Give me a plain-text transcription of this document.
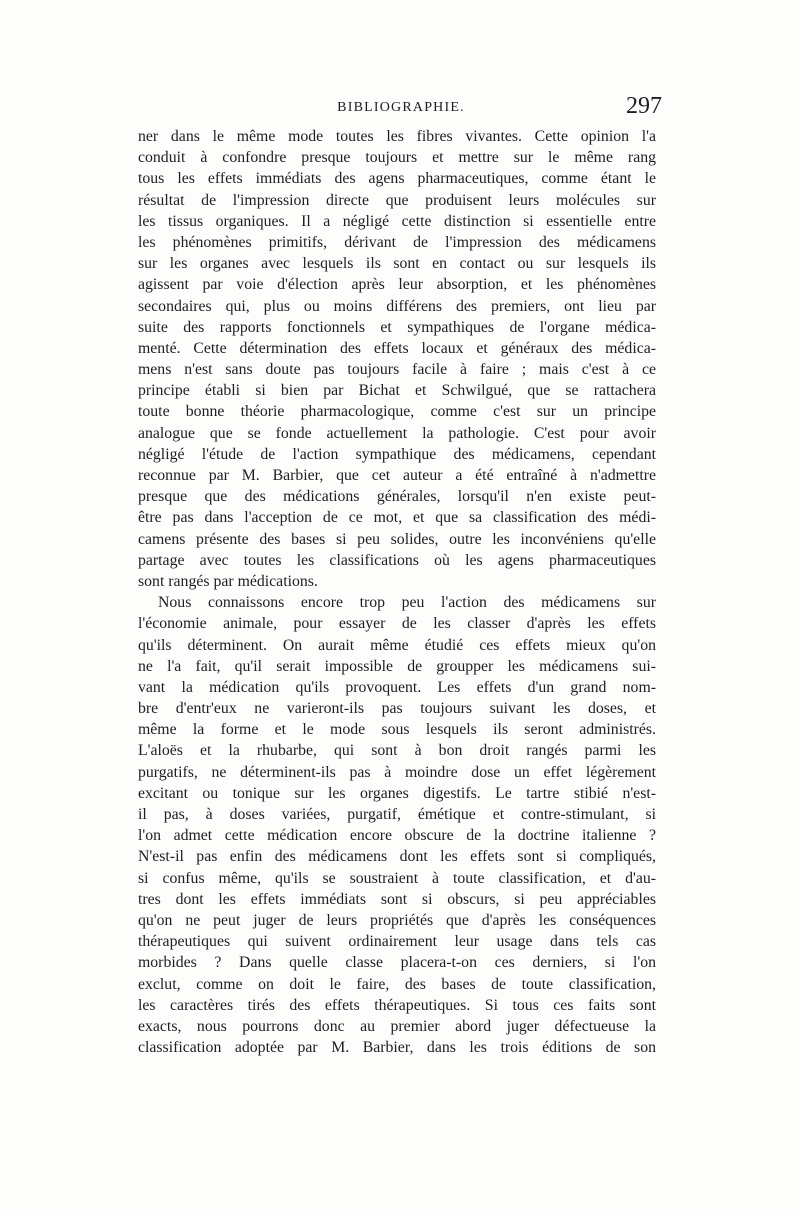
BIBLIOGRAPHIE.	297
ner dans le même mode toutes les fibres vivantes. Cette opinion l'a
conduit à confondre presque toujours et mettre sur le même rang
tous les effets immédiats des agens pharmaceutiques, comme étant le
résultat de l'impression directe que produisent leurs molécules sur
les tissus organiques. Il a négligé cette distinction si essentielle entre
les phénomènes primitifs, dérivant de l'impression des médicamens
sur les organes avec lesquels ils sont en contact ou sur lesquels ils
agissent par voie d'élection après leur absorption, et les phénomènes
secondaires qui, plus ou moins différens des premiers, ont lieu par
suite des rapports fonctionnels et sympathiques de l'organe médica-
menté. Cette détermination des effets locaux et généraux des médica-
mens n'est sans doute pas toujours facile à faire ; mais c'est à ce
principe établi si bien par Bichat et Schwilgué, que se rattachera
toute bonne théorie pharmacologique, comme c'est sur un principe
analogue que se fonde actuellement la pathologie. C'est pour avoir
négligé l'étude de l'action sympathique des médicamens, cependant
reconnue par M. Barbier, que cet auteur a été entraîné à n'admettre
presque que des médications générales, lorsqu'il n'en existe peut-
être pas dans l'acception de ce mot, et que sa classification des médi-
camens présente des bases si peu solides, outre les inconvéniens qu'elle
partage avec toutes les classifications où les agens pharmaceutiques
sont rangés par médications.
Nous connaissons encore trop peu l'action des médicamens sur
l'économie animale, pour essayer de les classer d'après les effets
qu'ils déterminent. On aurait même étudié ces effets mieux qu'on
ne l'a fait, qu'il serait impossible de groupper les médicamens sui-
vant la médication qu'ils provoquent. Les effets d'un grand nom-
bre d'entr'eux ne varieront-ils pas toujours suivant les doses, et
même la forme et le mode sous lesquels ils seront administrés.
L'aloës et la rhubarbe, qui sont à bon droit rangés parmi les
purgatifs, ne déterminent-ils pas à moindre dose un effet légèrement
excitant ou tonique sur les organes digestifs. Le tartre stibié n'est-
il pas, à doses variées, purgatif, émétique et contre-stimulant, si
l'on admet cette médication encore obscure de la doctrine italienne ?
N'est-il pas enfin des médicamens dont les effets sont si compliqués,
si confus même, qu'ils se soustraient à toute classification, et d'au-
tres dont les effets immédiats sont si obscurs, si peu appréciables
qu'on ne peut juger de leurs propriétés que d'après les conséquences
thérapeutiques qui suivent ordinairement leur usage dans tels cas
morbides ? Dans quelle classe placera-t-on ces derniers, si l'on
exclut, comme on doit le faire, des bases de toute classification,
les caractères tirés des effets thérapeutiques. Si tous ces faits sont
exacts, nous pourrons donc au premier abord juger défectueuse la
classification adoptée par M. Barbier, dans les trois éditions de son
